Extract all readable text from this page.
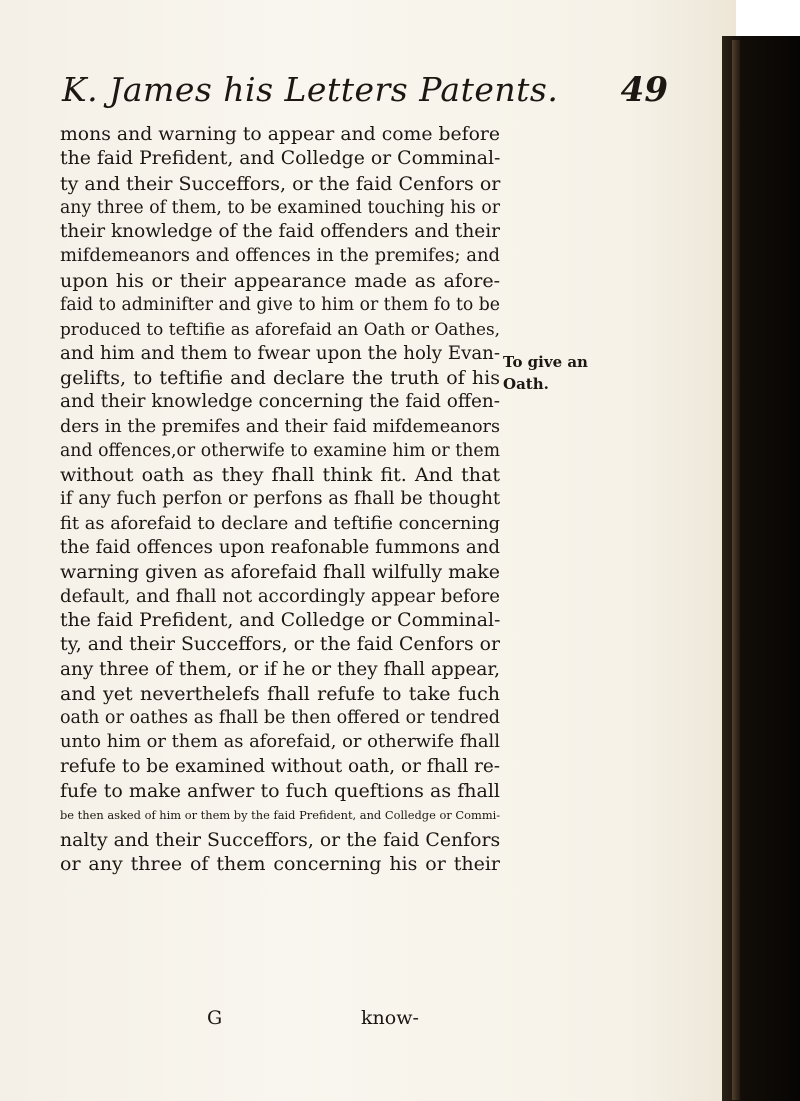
K. James his Letters Patents. 49
mons and warning to appear and come before
the faid Prefident, and Colledge or Comminal-
ty and their Succeffors, or the faid Cenfors or
any three of them, to be examined touching his or
their knowledge of the faid offenders and their
mifdemeanors and offences in the premifes; and
upon his or their appearance made as afore-
faid to adminifter and give to him or them fo to be
produced to teftifie as aforefaid an Oath or Oathes,
and him and them to fwear upon the holy Evan-
gelifts, to teftifie and declare the truth of his
and their knowledge concerning the faid offen-
ders in the premifes and their faid mifdemeanors
and offences,or otherwife to examine him or them
without oath as they fhall think fit. And that
if any fuch perfon or perfons as fhall be thought
fit as aforefaid to declare and teftifie concerning
the faid offences upon reafonable fummons and
warning given as aforefaid fhall wilfully make
default, and fhall not accordingly appear before
the faid Prefident, and Colledge or Comminal-
ty, and their Succeffors, or the faid Cenfors or
any three of them, or if he or they fhall appear,
and yet neverthelefs fhall refufe to take fuch
oath or oathes as fhall be then offered or tendred
unto him or them as aforefaid, or otherwife fhall
refufe to be examined without oath, or fhall re-
fufe to make anfwer to fuch queftions as fhall
be then asked of him or them by the faid Prefident, and Colledge or Commi-
nalty and their Succeffors, or the faid Cenfors
or any three of them concerning his or their
G	know-
To give an
Oath.
